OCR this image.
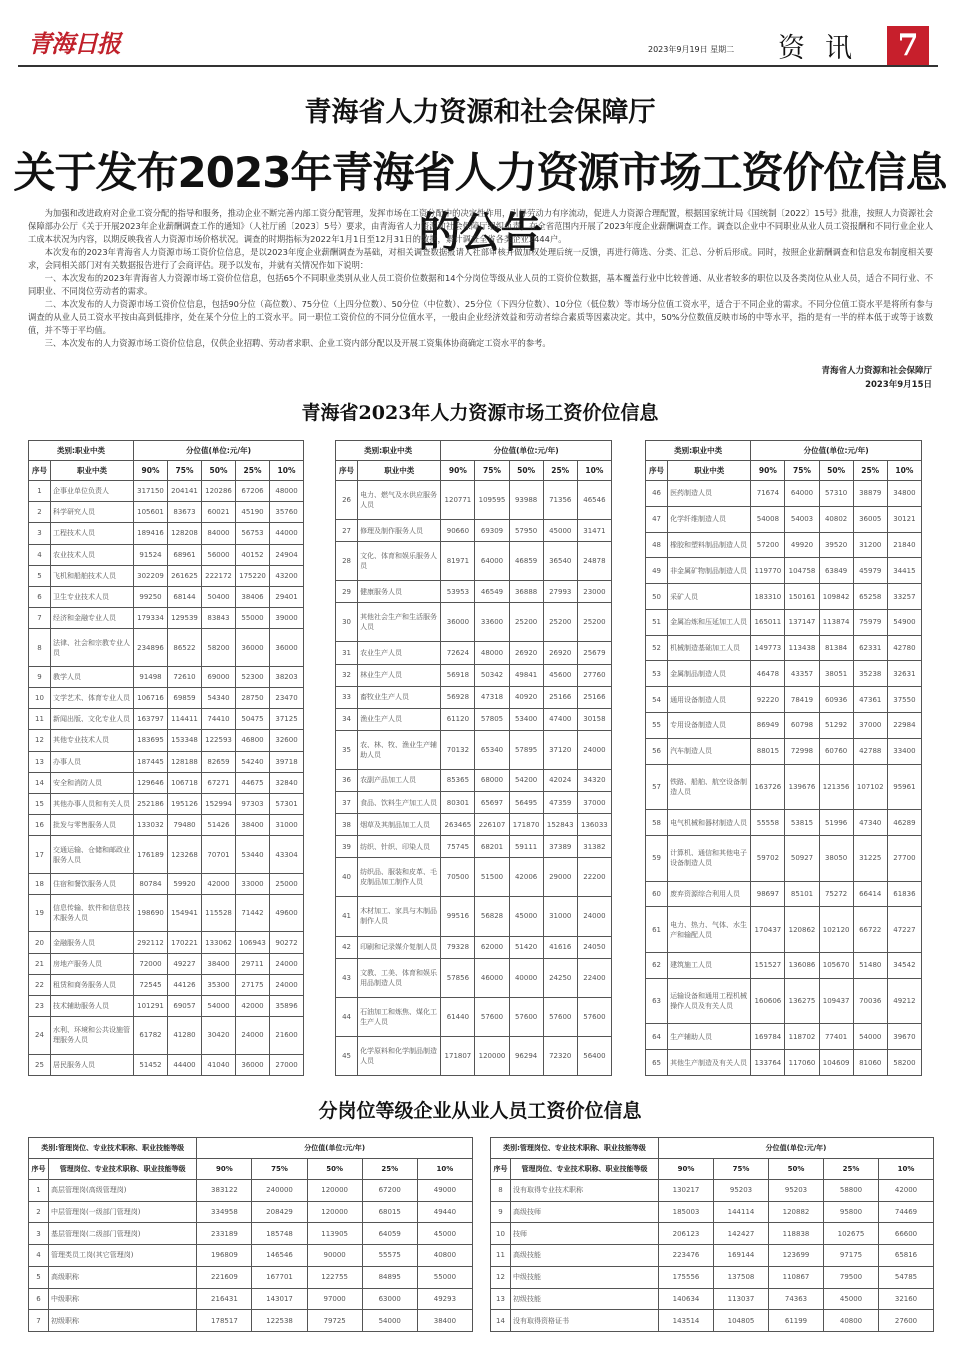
青海日报	2023年9月19日 星期二 资讯 7
青海省人力资源和社会保障厅
关于发布2023年青海省人力资源市场工资价位信息的公告

为加强和改进政府对企业工资分配的指导和服务，推动企业不断完善内部工资分配管理，发挥市场在工资分配中的决定性作用，引导劳动力有序流动，促进人力资源合理配置，根据国家统计局《国统制〔2022〕15号》批准，按照人力资源社会保障部办公厅《关于开展2023年企业薪酬调查工作的通知》（人社厅函〔2023〕5号）要求，由青海省人力资源和社会保障厅组织负责，在全省范围内开展了2023年度企业薪酬调查工作。调查以企业中不同职业从业人员工资报酬和不同行业企业人工成本状况为内容，以期反映我省人力资源市场价格状况。调查的时期指标为2022年1月1日至12月31日的数据，累计调查全省各类企业2444户。

本次发布的2023年青海省人力资源市场工资价位信息，是以2023年度企业薪酬调查为基础，对相关调查数据报请人社部审核并做加权处理后统一反馈，再进行筛选、分类、汇总、分析后形成。同时，按照企业薪酬调查和信息发布制度相关要求，会同相关部门对有关数据报告进行了会商评估。现予以发布，并就有关情况作如下说明：

一、本次发布的2023年青海省人力资源市场工资价位信息，包括65个不同职业类别从业人员工资价位数据和14个分岗位等级从业人员的工资价位数据，基本覆盖行业中比较普通、从业者较多的职位以及各类岗位从业人员，适合不同行业、不同职业、不同岗位劳动者的需求。

二、本次发布的人力资源市场工资价位信息，包括90分位（高位数）、75分位（上四分位数）、50分位（中位数）、25分位（下四分位数）、10分位（低位数）等市场分位值工资水平，适合于不同企业的需求。不同分位值工资水平是将所有参与调查的从业人员工资水平按由高到低排序，处在某个分位上的工资水平。同一职位工资价位的不同分位值水平，一般由企业经济效益和劳动者综合素质等因素决定。其中，50%分位数值反映市场的中等水平，指的是有一半的样本低于或等于该数值，并不等于平均值。

三、本次发布的人力资源市场工资价位信息，仅供企业招聘、劳动者求职、企业工资内部分配以及开展工资集体协商确定工资水平的参考。

青海省人力资源和社会保障厅
2023年9月15日
青海省2023年人力资源市场工资价位信息
类别:职业中类		分位值(单位:元/年)				
序号	职业中类	90%	75%	50%	25%	10%
1	企事业单位负责人	317150	204141	120286	67206	48000
2	科学研究人员	105601	83673	60021	45190	35760
3	工程技术人员	189416	128208	84000	56753	44000
4	农业技术人员	91524	68961	56000	40152	24904
5	飞机和船舶技术人员	302209	261625	222172	175220	43200
6	卫生专业技术人员	99250	68144	50400	38406	29401
7	经济和金融专业人员	179334	129539	83843	55000	39000
8	法律、社会和宗教专业人员	234896	86522	58200	36000	36000
9	教学人员	91498	72610	69000	52300	38203
10	文学艺术、体育专业人员	106716	69859	54340	28750	23470
11	新闻出版、文化专业人员	163797	114411	74410	50475	37125
12	其他专业技术人员	183695	153348	122593	46800	32600
13	办事人员	187445	128188	82659	54240	39718
14	安全和消防人员	129646	106718	67271	44675	32840
15	其他办事人员和有关人员	252186	195126	152994	97303	57301
16	批发与零售服务人员	133032	79480	51426	38400	31000
17	交通运输、仓储和邮政业服务人员	176189	123268	70701	53440	43304
18	住宿和餐饮服务人员	80784	59920	42000	33000	25000
19	信息传输、软件和信息技术服务人员	198690	154941	115528	71442	49600
20	金融服务人员	292112	170221	133062	106943	90272
21	房地产服务人员	72000	49227	38400	29711	24000
22	租赁和商务服务人员	72545	44126	35300	27175	24000
23	技术辅助服务人员	101291	69057	54000	42000	35896
24	水利、环境和公共设施管理服务人员	61782	41280	30420	24000	21600
25	居民服务人员	51452	44400	41040	36000	27000
类别:职业中类		分位值(单位:元/年)				
序号	职业中类	90%	75%	50%	25%	10%
26	电力、燃气及水供应服务人员	120771	109595	93988	71356	46546
27	修理及制作服务人员	90660	69309	57950	45000	31471
28	文化、体育和娱乐服务人员	81971	64000	46859	36540	24878
29	健康服务人员	53953	46549	36888	27993	23000
30	其他社会生产和生活服务人员	36000	33600	25200	25200	25200
31	农业生产人员	72624	48000	26920	26920	25679
32	林业生产人员	56918	50342	49841	45600	27760
33	畜牧业生产人员	56928	47318	40920	25166	25166
34	渔业生产人员	61120	57805	53400	47400	30158
35	农、林、牧、渔业生产辅助人员	70132	65340	57895	37120	24000
36	农副产品加工人员	85365	68000	54200	42024	34320
37	食品、饮料生产加工人员	80301	65697	56495	47359	37000
38	烟草及其制品加工人员	263465	226107	171870	152843	136033
39	纺织、针织、印染人员	75745	68201	59111	37389	31382
40	纺织品、服装和皮革、毛皮制品加工制作人员	70500	51500	42006	29000	22200
41	木材加工、家具与木制品制作人员	99516	56828	45000	31000	24000
42	印刷和记录媒介复制人员	79328	62000	51420	41616	24050
43	文教、工美、体育和娱乐用品制造人员	57856	46000	40000	24250	22400
44	石油加工和炼焦、煤化工生产人员	61440	57600	57600	57600	57600
45	化学原料和化学制品制造人员	171807	120000	96294	72320	56400
类别:职业中类		分位值(单位:元/年)				
序号	职业中类	90%	75%	50%	25%	10%
46	医药制造人员	71674	64000	57310	38879	34800
47	化学纤维制造人员	54008	54003	40802	36005	30121
48	橡胶和塑料制品制造人员	57200	49920	39520	31200	21840
49	非金属矿物制品制造人员	119770	104758	63849	45979	34415
50	采矿人员	183310	150161	109842	65258	33257
51	金属冶炼和压延加工人员	165011	137147	113874	75979	54900
52	机械制造基础加工人员	149773	113438	81384	62331	42780
53	金属制品制造人员	46478	43357	38051	35238	32631
54	通用设备制造人员	92220	78419	60936	47361	37550
55	专用设备制造人员	86949	60798	51292	37000	22984
56	汽车制造人员	88015	72998	60760	42788	33400
57	铁路、船舶、航空设备制造人员	163726	139676	121356	107102	95961
58	电气机械和器材制造人员	55558	53815	51996	47340	46289
59	计算机、通信和其他电子设备制造人员	59702	50927	38050	31225	27700
60	废弃资源综合利用人员	98697	85101	75272	66414	61836
61	电力、热力、气体、水生产和输配人员	170437	120862	102120	66722	47227
62	建筑施工人员	151527	136086	105670	51480	34542
63	运输设备和通用工程机械操作人员及有关人员	160606	136275	109437	70036	49212
64	生产辅助人员	169784	118702	77401	54000	39670
65	其他生产制造及有关人员	133764	117060	104609	81060	58200
分岗位等级企业从业人员工资价位信息
类别:管理岗位、专业技术职称、职业技能等级		分位值(单位:元/年)				
序号	管理岗位、专业技术职称、职业技能等级	90%	75%	50%	25%	10%
1	高层管理岗(高级管理岗)	383122	240000	120000	67200	49000
2	中层管理岗(一级部门管理岗)	334958	208429	120000	68015	49440
3	基层管理岗(二级部门管理岗)	233189	185748	113905	64059	45000
4	管理类员工岗(其它管理岗)	196809	146546	90000	55575	40800
5	高级职称	221609	167701	122755	84895	55000
6	中级职称	216431	143017	97000	63000	49293
7	初级职称	178517	122538	79725	54000	38400
类别:管理岗位、专业技术职称、职业技能等级		分位值(单位:元/年)				
序号	管理岗位、专业技术职称、职业技能等级	90%	75%	50%	25%	10%
8	没有取得专业技术职称	130217	95203	95203	58800	42000
9	高级技师	185003	144114	120882	95800	74469
10	技师	206123	142427	118838	102675	66600
11	高级技能	223476	169144	123699	97175	65816
12	中级技能	175556	137508	110867	79500	54785
13	初级技能	140634	113037	74363	45000	32160
14	没有取得资格证书	143514	104805	61199	40800	27600
